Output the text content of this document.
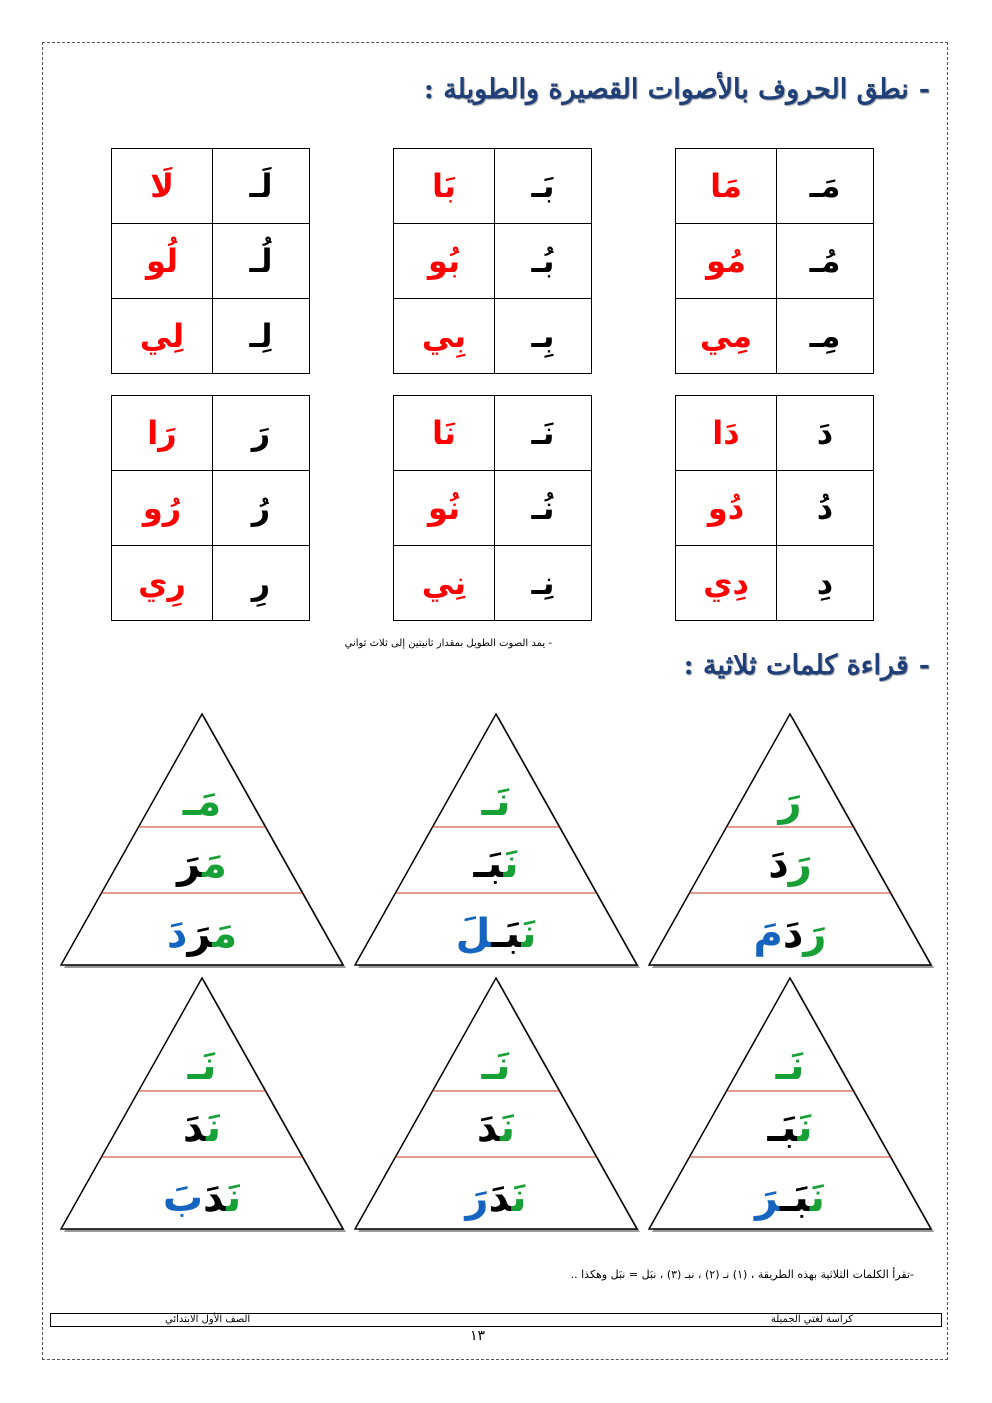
-نطق الحروف بالأصوات القصيرة والطويلة :
مَـ	مَا
مُـ	مُو
مِـ	مِي
بَـ	بَا
بُـ	بُو
بِـ	بِي
لَـ	لَا
لُـ	لُو
لِـ	لِي
دَ	دَا
دُ	دُو
دِ	دِي
نَـ	نَا
نُـ	نُو
نِـ	نِي
رَ	رَا
رُ	رُو
رِ	رِي
- يمد الصوت الطويل بمقدار ثانيتين إلى ثلاث ثواني
-قراءة كلمات ثلاثية :
رَ
رَدَ
رَدَمَ
نَـ
نَبَـ
نَبَـلَ
مَـ
مَرَ
مَرَدَ
نَـ
نَبَـ
نَبَـرَ
نَـ
نَدَ
نَدَرَ
نَـ
نَدَ
نَدَبَ
-تقرأ الكلمات الثلاثية بهذه الطريقة ، (١) نـ (٢) ، نبـ (٣) ، نبَل = نبَل وهكذا ..
كراسة لغتي الجميلة
الصف الأول الابتدائي
١٣
